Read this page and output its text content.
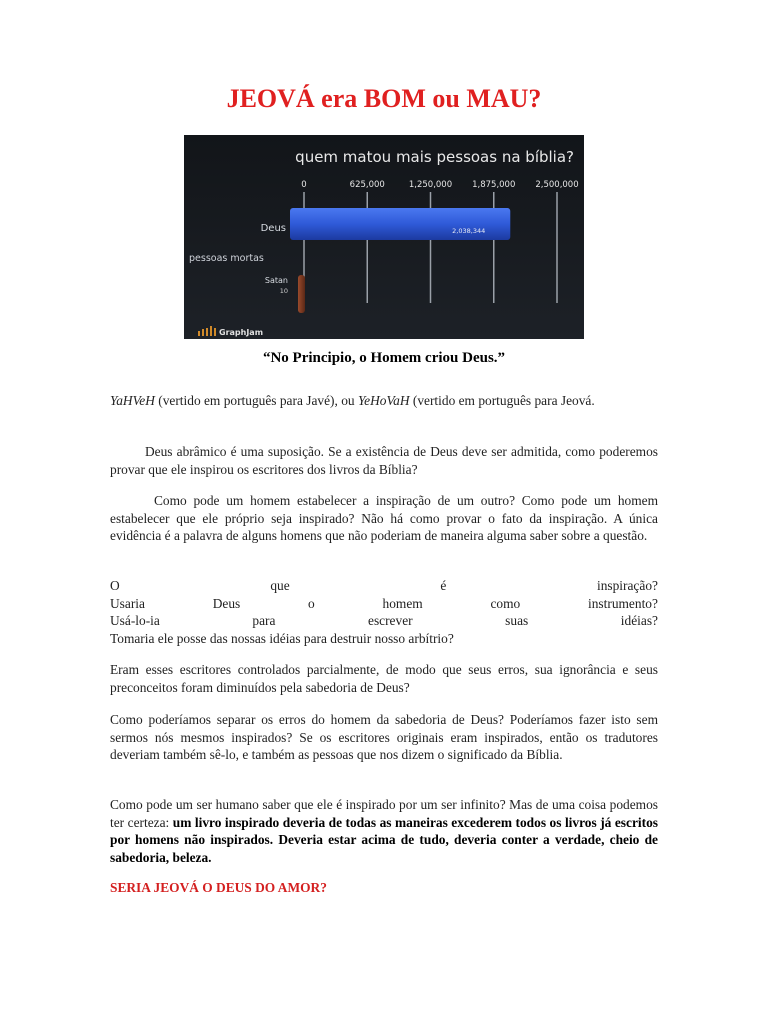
JEOVÁ era BOM ou MAU?
quem matou mais pessoas na bíblia?
0	625,000	1,250,000 1,875,000 2,500,000
Deus	2,038,344
Satan
10
pessoas mortas
GraphJam

“No Principio, o Homem criou Deus.”

YaHVeH (vertido em português para Javé), ou YeHoVaH (vertido em português para Jeová.

Deus abrâmico é uma suposição. Se a existência de Deus deve ser admitida, como poderemos provar que ele inspirou os escritores dos livros da Bíblia?

Como pode um homem estabelecer a inspiração de um outro? Como pode um homem estabelecer que ele próprio seja inspirado? Não há como provar o fato da inspiração. A única evidência é a palavra de alguns homens que não poderiam de maneira alguma saber sobre a questão.

O	que	é	inspiração?
Usaria	Deus	o	homem	como	instrumento?
Usá-lo-ia	para	escrever	suas	idéias?
Tomaria ele posse das nossas idéias para destruir nosso arbítrio?

Eram esses escritores controlados parcialmente, de modo que seus erros, sua ignorância e seus preconceitos foram diminuídos pela sabedoria de Deus?

Como poderíamos separar os erros do homem da sabedoria de Deus? Poderíamos fazer isto sem sermos nós mesmos inspirados? Se os escritores originais eram inspirados, então os tradutores deveriam também sê-lo, e também as pessoas que nos dizem o significado da Bíblia.

Como pode um ser humano saber que ele é inspirado por um ser infinito? Mas de uma coisa podemos ter certeza: um livro inspirado deveria de todas as maneiras excederem todos os livros já escritos por homens não inspirados. Deveria estar acima de tudo, deveria conter a verdade, cheio de sabedoria, beleza.

SERIA JEOVÁ O DEUS DO AMOR?
